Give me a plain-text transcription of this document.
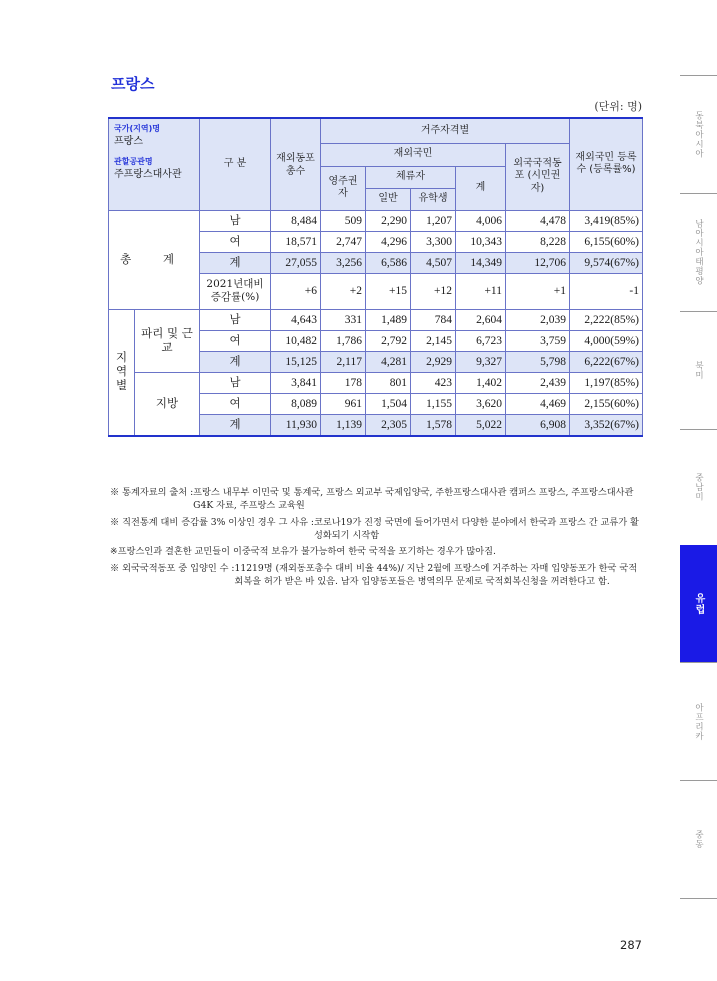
프랑스
(단위: 명)
국가(지역)명
프랑스
관할공관명
주프랑스대사관		구 분	재외동포 총수	거주자격별					재외국민 등록수 (등록률%)
				재외국민				외국국적동포 (시민권자)	
				영주권자	체류자		계		
					일반	유학생			
총 계		남	8,484	509	2,290	1,207	4,006	4,478	3,419(85%)
		여	18,571	2,747	4,296	3,300	10,343	8,228	6,155(60%)
		계	27,055	3,256	6,586	4,507	14,349	12,706	9,574(67%)
		2021년대비 증감률(%)	+6	+2	+15	+12	+11	+1	-1
지 역 별	파리 및 근교	남	4,643	331	1,489	784	2,604	2,039	2,222(85%)
		여	10,482	1,786	2,792	2,145	6,723	3,759	4,000(59%)
		계	15,125	2,117	4,281	2,929	9,327	5,798	6,222(67%)
	지방	남	3,841	178	801	423	1,402	2,439	1,197(85%)
		여	8,089	961	1,504	1,155	3,620	4,469	2,155(60%)
		계	11,930	1,139	2,305	1,578	5,022	6,908	3,352(67%)
※ 통계자료의 출처 : 프랑스 내무부 이민국 및 통계국, 프랑스 외교부 국제입양국, 주한프랑스대사관 캠퍼스 프랑스, 주프랑스대사관 G4K 자료, 주프랑스 교육원
※ 직전통계 대비 증감률 3% 이상인 경우 그 사유 : 코로나19가 진정 국면에 들어가면서 다양한 분야에서 한국과 프랑스 간 교류가 활성화되기 시작함
※ 프랑스인과 결혼한 교민들이 이중국적 보유가 불가능하여 한국 국적을 포기하는 경우가 많아짐.
※ 외국국적동포 중 입양인 수 : 11219명 (재외동포총수 대비 비율 44%)/ 지난 2월에 프랑스에 거주하는 자매 입양동포가 한국 국적 회복을 허가 받은 바 있음. 남자 입양동포들은 병역의무 문제로 국적회복신청을 꺼려한다고 함.
동북아시아
남아시아태평양
북미
중남미
유럽
아프리카
중동
287
